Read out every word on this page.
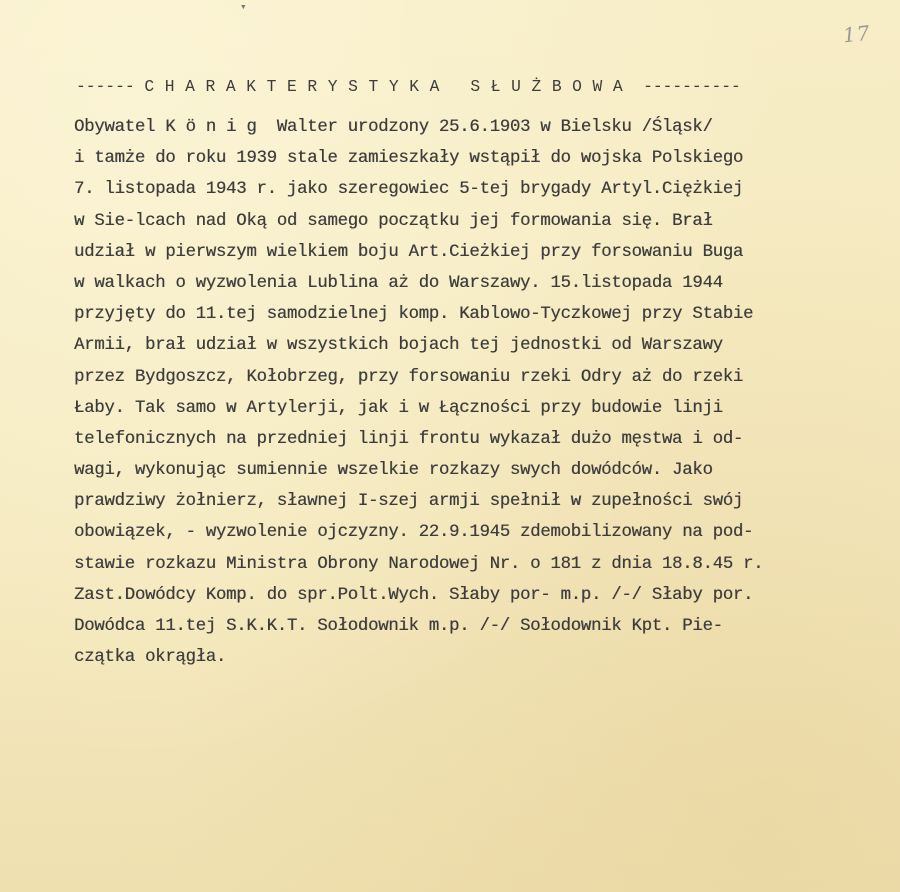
▾
17
------ CHARAKTERYSTYKA SŁUŻBOWA ----------
Obywatel K ö n i g  Walter urodzony 25.6.1903 w Bielsku /Śląsk/
i tamże do roku 1939 stale zamieszkały wstąpił do wojska Polskiego
7. listopada 1943 r. jako szeregowiec 5-tej brygady Artyl.Ciężkiej
w Sie-lcach nad Oką od samego początku jej formowania się. Brał
udział w pierwszym wielkiem boju Art.Cieżkiej przy forsowaniu Buga
w walkach o wyzwolenia Lublina aż do Warszawy. 15.listopada 1944
przyjęty do 11.tej samodzielnej komp. Kablowo-Tyczkowej przy Stabie
Armii, brał udział w wszystkich bojach tej jednostki od Warszawy
przez Bydgoszcz, Kołobrzeg, przy forsowaniu rzeki Odry aż do rzeki
Łaby. Tak samo w Artylerji, jak i w Łączności przy budowie linji
telefonicznych na przedniej linji frontu wykazał dużo męstwa i od-
wagi, wykonując sumiennie wszelkie rozkazy swych dowódców. Jako
prawdziwy żołnierz, sławnej I-szej armji spełnił w zupełności swój
obowiązek, - wyzwolenie ojczyzny. 22.9.1945 zdemobilizowany na pod-
stawie rozkazu Ministra Obrony Narodowej Nr. o 181 z dnia 18.8.45 r.
Zast.Dowódcy Komp. do spr.Polt.Wych. Słaby por- m.p. /-/ Słaby por.
Dowódca 11.tej S.K.K.T. Sołodownik m.p. /-/ Sołodownik Kpt. Pie-
czątka okrągła.
